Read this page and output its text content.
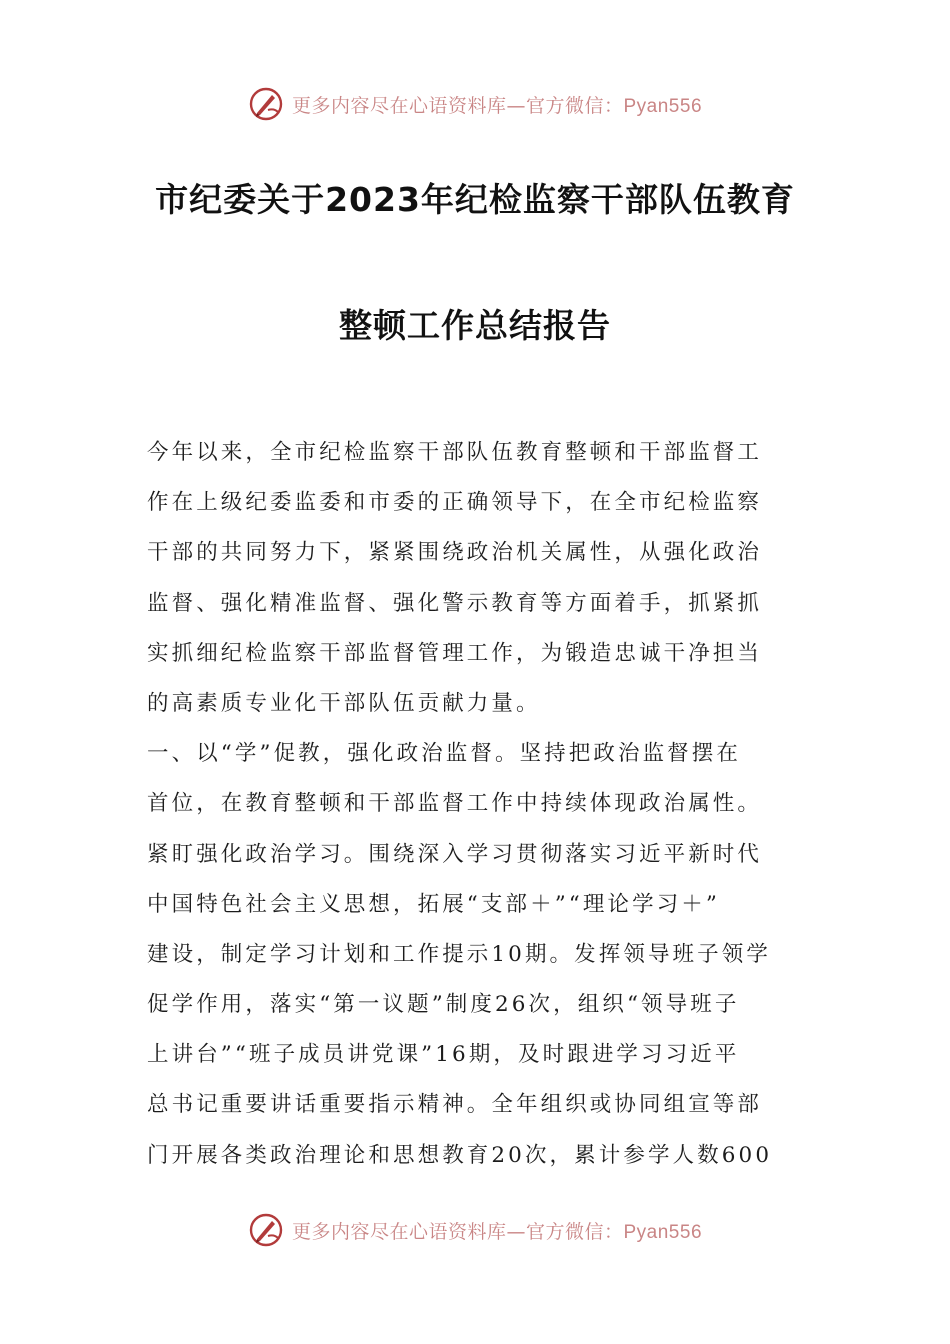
更多内容尽在心语资料库—官方微信：Pyan556
市纪委关于2023年纪检监察干部队伍教育
整顿工作总结报告
今年以来，全市纪检监察干部队伍教育整顿和干部监督工
作在上级纪委监委和市委的正确领导下，在全市纪检监察
干部的共同努力下，紧紧围绕政治机关属性，从强化政治
监督、强化精准监督、强化警示教育等方面着手，抓紧抓
实抓细纪检监察干部监督管理工作，为锻造忠诚干净担当
的高素质专业化干部队伍贡献力量。
一、以“学”促教，强化政治监督。坚持把政治监督摆在
首位，在教育整顿和干部监督工作中持续体现政治属性。
紧盯强化政治学习。围绕深入学习贯彻落实习近平新时代
中国特色社会主义思想，拓展“支部＋”“理论学习＋”
建设，制定学习计划和工作提示10期。发挥领导班子领学
促学作用，落实“第一议题”制度26次，组织“领导班子
上讲台”“班子成员讲党课”16期，及时跟进学习习近平
总书记重要讲话重要指示精神。全年组织或协同组宣等部
门开展各类政治理论和思想教育20次，累计参学人数600
更多内容尽在心语资料库—官方微信：Pyan556
